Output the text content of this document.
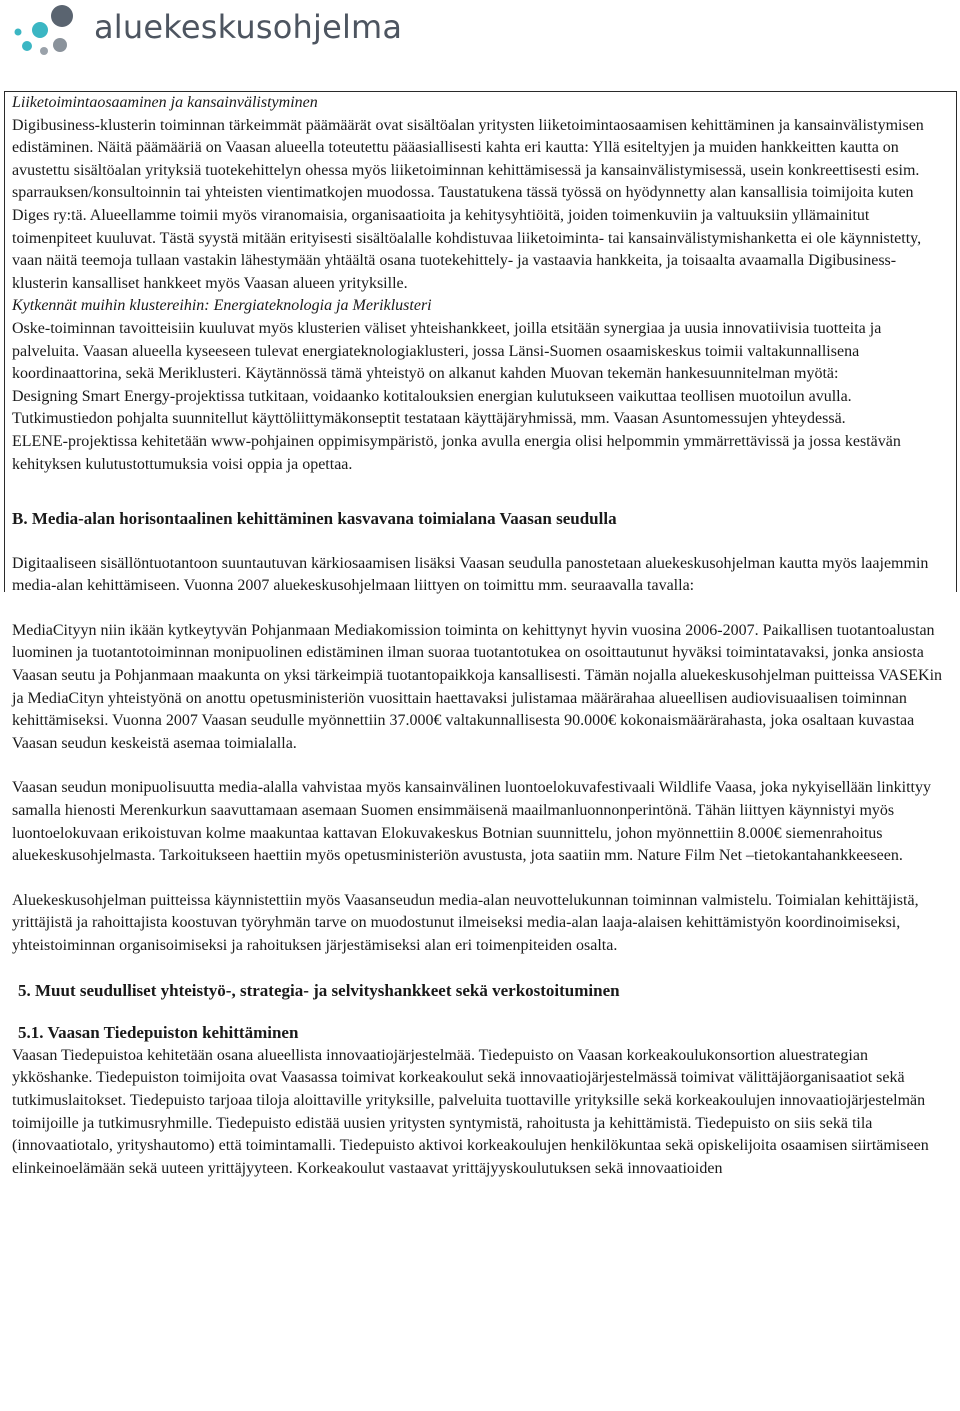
aluekeskusohjelma

Liiketoimintaosaaminen ja kansainvälistyminen

Digibusiness-klusterin toiminnan tärkeimmät päämäärät ovat sisältöalan yritysten liiketoimintaosaamisen kehittäminen ja kansainvälistymisen edistäminen. Näitä päämääriä on Vaasan alueella toteutettu pääasiallisesti kahta eri kautta: Yllä esiteltyjen ja muiden hankkeitten kautta on avustettu sisältöalan yrityksiä tuotekehittelyn ohessa myös liiketoiminnan kehittämisessä ja kansainvälistymisessä, usein konkreettisesti esim. sparrauksen/konsultoinnin tai yhteisten vientimatkojen muodossa. Taustatukena tässä työssä on hyödynnetty alan kansallisia toimijoita kuten Diges ry:tä. Alueellamme toimii myös viranomaisia, organisaatioita ja kehitysyhtiöitä, joiden toimenkuviin ja valtuuksiin yllämainitut toimenpiteet kuuluvat. Tästä syystä mitään erityisesti sisältöalalle kohdistuvaa liiketoiminta- tai kansainvälistymishanketta ei ole käynnistetty, vaan näitä teemoja tullaan vastakin lähestymään yhtäältä osana tuotekehittely- ja vastaavia hankkeita, ja toisaalta avaamalla Digibusiness-klusterin kansalliset hankkeet myös Vaasan alueen yrityksille.

Kytkennät muihin klustereihin: Energiateknologia ja Meriklusteri

Oske-toiminnan tavoitteisiin kuuluvat myös klusterien väliset yhteishankkeet, joilla etsitään synergiaa ja uusia innovatiivisia tuotteita ja palveluita. Vaasan alueella kyseeseen tulevat energiateknologiaklusteri, jossa Länsi-Suomen osaamiskeskus toimii valtakunnallisena koordinaattorina, sekä Meriklusteri. Käytännössä tämä yhteistyö on alkanut kahden Muovan tekemän hankesuunnitelman myötä:

Designing Smart Energy-projektissa tutkitaan, voidaanko kotitalouksien energian kulutukseen vaikuttaa teollisen muotoilun avulla. Tutkimustiedon pohjalta suunnitellut käyttöliittymäkonseptit testataan käyttäjäryhmissä, mm. Vaasan Asuntomessujen yhteydessä.

ELENE-projektissa kehitetään www-pohjainen oppimisympäristö, jonka avulla energia olisi helpommin ymmärrettävissä ja jossa kestävän kehityksen kulutustottumuksia voisi oppia ja opettaa.

B. Media-alan horisontaalinen kehittäminen kasvavana toimialana Vaasan seudulla

Digitaaliseen sisällöntuotantoon suuntautuvan kärkiosaamisen lisäksi Vaasan seudulla panostetaan aluekeskusohjelman kautta myös laajemmin media-alan kehittämiseen. Vuonna 2007 aluekeskusohjelmaan liittyen on toimittu mm. seuraavalla tavalla:

MediaCityyn niin ikään kytkeytyvän Pohjanmaan Mediakomission toiminta on kehittynyt hyvin vuosina 2006-2007. Paikallisen tuotantoalustan luominen ja tuotantotoiminnan monipuolinen edistäminen ilman suoraa tuotantotukea on osoittautunut hyväksi toimintatavaksi, jonka ansiosta Vaasan seutu ja Pohjanmaan maakunta on yksi tärkeimpiä tuotantopaikkoja kansallisesti. Tämän nojalla aluekeskusohjelman puitteissa VASEKin ja MediaCityn yhteistyönä on anottu opetusministeriön vuosittain haettavaksi julistamaa määrärahaa alueellisen audiovisuaalisen toiminnan kehittämiseksi. Vuonna 2007 Vaasan seudulle myönnettiin 37.000€ valtakunnallisesta 90.000€ kokonaismäärärahasta, joka osaltaan kuvastaa Vaasan seudun keskeistä asemaa toimialalla.

Vaasan seudun monipuolisuutta media-alalla vahvistaa myös kansainvälinen luontoelokuvafestivaali Wildlife Vaasa, joka nykyisellään linkittyy samalla hienosti Merenkurkun saavuttamaan asemaan Suomen ensimmäisenä maailmanluonnonperintönä. Tähän liittyen käynnistyi myös luontoelokuvaan erikoistuvan kolme maakuntaa kattavan Elokuvakeskus Botnian suunnittelu, johon myönnettiin 8.000€ siemenrahoitus aluekeskusohjelmasta. Tarkoitukseen haettiin myös opetusministeriön avustusta, jota saatiin mm. Nature Film Net –tietokantahankkeeseen.

Aluekeskusohjelman puitteissa käynnistettiin myös Vaasanseudun media-alan neuvottelukunnan toiminnan valmistelu. Toimialan kehittäjistä, yrittäjistä ja rahoittajista koostuvan työryhmän tarve on muodostunut ilmeiseksi media-alan laaja-alaisen kehittämistyön koordinoimiseksi, yhteistoiminnan organisoimiseksi ja rahoituksen järjestämiseksi alan eri toimenpiteiden osalta.

5. Muut seudulliset yhteistyö-, strategia- ja selvityshankkeet sekä verkostoituminen

5.1. Vaasan Tiedepuiston kehittäminen

Vaasan Tiedepuistoa kehitetään osana alueellista innovaatiojärjestelmää. Tiedepuisto on Vaasan korkeakoulukonsortion aluestrategian ykköshanke. Tiedepuiston toimijoita ovat Vaasassa toimivat korkeakoulut sekä innovaatiojärjestelmässä toimivat välittäjäorganisaatiot sekä tutkimuslaitokset. Tiedepuisto tarjoaa tiloja aloittaville yrityksille, palveluita tuottaville yrityksille sekä korkeakoulujen innovaatiojärjestelmän toimijoille ja tutkimusryhmille. Tiedepuisto edistää uusien yritysten syntymistä, rahoitusta ja kehittämistä. Tiedepuisto on siis sekä tila (innovaatiotalo, yrityshautomo) että toimintamalli. Tiedepuisto aktivoi korkeakoulujen henkilökuntaa sekä opiskelijoita osaamisen siirtämiseen elinkeinoelämään sekä uuteen yrittäjyyteen. Korkeakoulut vastaavat yrittäjyyskoulutuksen sekä innovaatioiden
